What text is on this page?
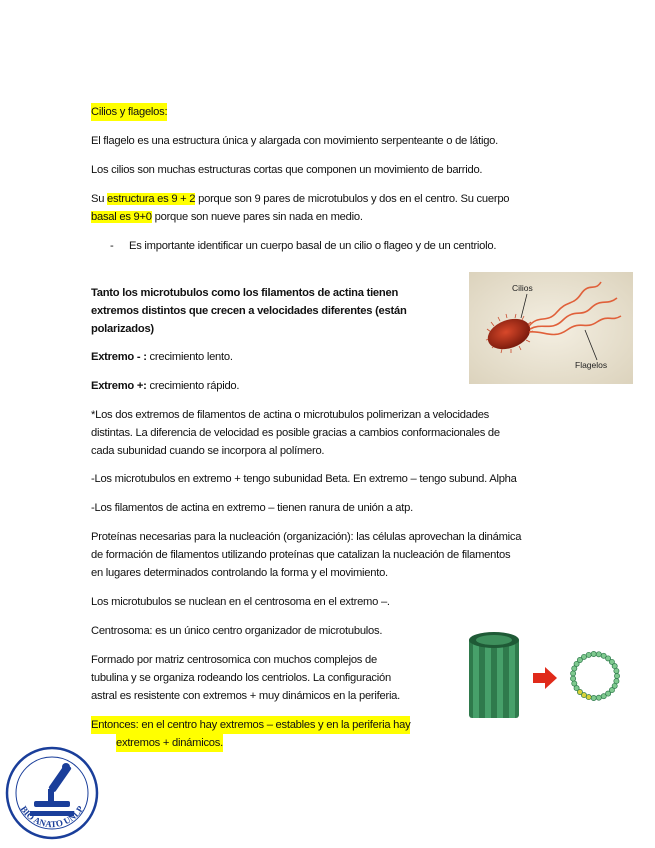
Cilios y flagelos:

El flagelo es una estructura única y alargada con movimiento serpenteante o de látigo.

Los cilios son muchas estructuras cortas que componen un movimiento de barrido.

Su estructura es 9 + 2 porque son 9 pares de microtubulos y dos en el centro. Su cuerpo

basal es 9+0 porque son nueve pares sin nada en medio.

- Es importante identificar un cuerpo basal de un cilio o flageo y de un centriolo.

Tanto los microtubulos como los filamentos de actina tienen

extremos distintos que crecen a velocidades diferentes (están

polarizados)

Extremo - : crecimiento lento.

Extremo +: crecimiento rápido.

*Los dos extremos de filamentos de actina o microtubulos polimerizan a velocidades

distintas. La diferencia de velocidad es posible gracias a cambios conformacionales de

cada subunidad cuando se incorpora al polímero.

-Los microtubulos en extremo + tengo subunidad Beta. En extremo – tengo subund. Alpha

-Los filamentos de actina en extremo – tienen ranura de unión a atp.

Proteínas necesarias para la nucleación (organización): las células aprovechan la dinámica

de formación de filamentos utilizando proteínas que catalizan la nucleación de filamentos

en lugares determinados controlando la forma y el movimiento.

Los microtubulos se nuclean en el centrosoma en el extremo –.

Centrosoma: es un único centro organizador de microtubulos.

Formado por matriz centrosomica con muchos complejos de

tubulina y se organiza rodeando los centriolos. La configuración

astral es resistente con extremos + muy dinámicos en la periferia.

Entonces: en el centro hay extremos – estables y en la periferia hay

extremos + dinámicos.

Cilios
Flagelos
BIO ANATO UNLP
